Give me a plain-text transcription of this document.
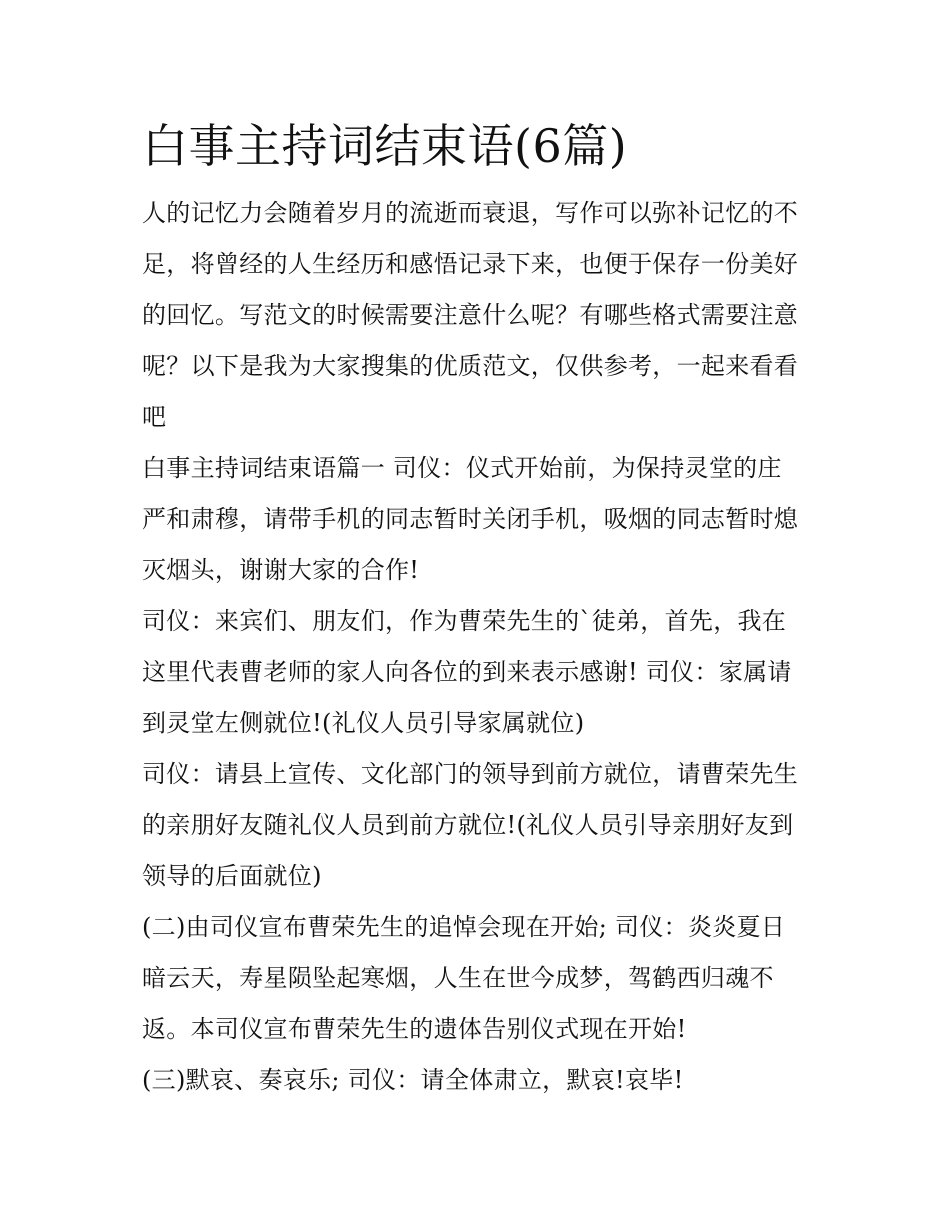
白事主持词结束语(6篇)

人的记忆力会随着岁月的流逝而衰退，写作可以弥补记忆的不
足，将曾经的人生经历和感悟记录下来，也便于保存一份美好
的回忆。写范文的时候需要注意什么呢？有哪些格式需要注意
呢？以下是我为大家搜集的优质范文，仅供参考，一起来看看
吧

白事主持词结束语篇一 司仪：仪式开始前，为保持灵堂的庄
严和肃穆，请带手机的同志暂时关闭手机，吸烟的同志暂时熄
灭烟头，谢谢大家的合作!

司仪：来宾们、朋友们，作为曹荣先生的`徒弟，首先，我在
这里代表曹老师的家人向各位的到来表示感谢! 司仪：家属请
到灵堂左侧就位!(礼仪人员引导家属就位)

司仪：请县上宣传、文化部门的领导到前方就位，请曹荣先生
的亲朋好友随礼仪人员到前方就位!(礼仪人员引导亲朋好友到
领导的后面就位)

(二)由司仪宣布曹荣先生的追悼会现在开始; 司仪：炎炎夏日
暗云天，寿星陨坠起寒烟，人生在世今成梦，驾鹤西归魂不
返。本司仪宣布曹荣先生的遗体告别仪式现在开始!

(三)默哀、奏哀乐; 司仪：请全体肃立，默哀!哀毕!
